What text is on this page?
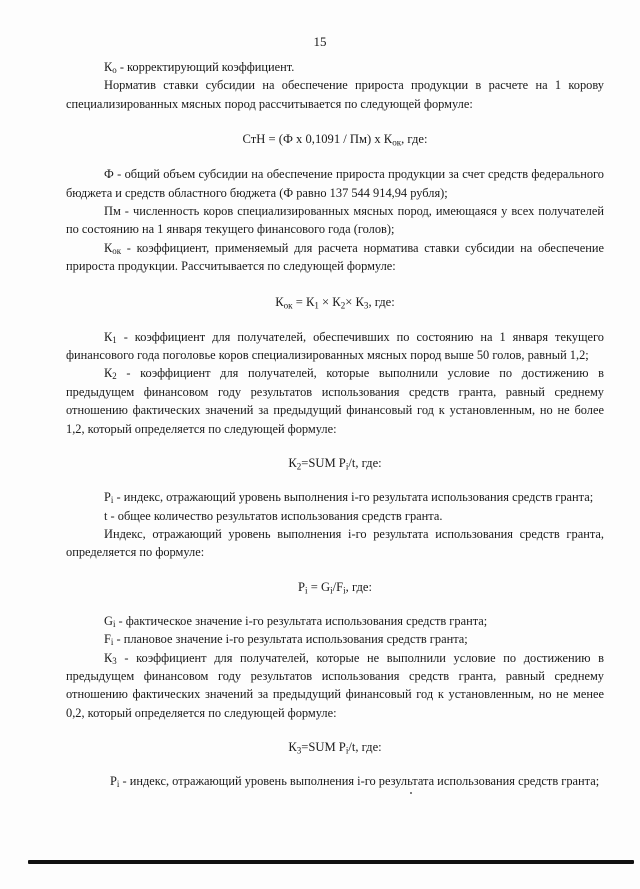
15

$К_о$ - корректирующий коэффициент.

Норматив ставки субсидии на обеспечение прироста продукции в расчете на 1 корову специализированных мясных пород рассчитывается по следующей формуле:

СтН = (Ф х 0,1091 / Пм) х $К_{ок}$, где:

Ф - общий объем субсидии на обеспечение прироста продукции за счет средств федерального бюджета и средств областного бюджета (Ф равно 137 544 914,94 рубля);

Пм - численность коров специализированных мясных пород, имеющаяся у всех получателей по состоянию на 1 января текущего финансового года (голов);

$К_{ок}$ - коэффициент, применяемый для расчета норматива ставки субсидии на обеспечение прироста продукции. Рассчитывается по следующей формуле:

$К_{ок} = К_1 \times К_2\times К_3$, где:

$К_1$ - коэффициент для получателей, обеспечивших по состоянию на 1 января текущего финансового года поголовье коров специализированных мясных пород выше 50 голов, равный 1,2;

$К_2$ - коэффициент для получателей, которые выполнили условие по достижению в предыдущем финансовом году результатов использования средств гранта, равный среднему отношению фактических значений за предыдущий финансовый год к установленным, но не более 1,2, который определяется по следующей формуле:

$К_2=SUM$ $Р_i/t$, где:

$Р_i$ - индекс, отражающий уровень выполнения i-го результата использования средств гранта;

t - общее количество результатов использования средств гранта.

Индекс, отражающий уровень выполнения i-го результата использования средств гранта, определяется по формуле:

$Р_i = G_i/F_i$, где:

$G_i$ - фактическое значение i-го результата использования средств гранта;

$F_i$ - плановое значение i-го результата использования средств гранта;

$К_3$ - коэффициент для получателей, которые не выполнили условие по достижению в предыдущем финансовом году результатов использования средств гранта, равный среднему отношению фактических значений за предыдущий финансовый год к установленным, но не менее 0,2, который определяется по следующей формуле:

$К_3=SUM$ $Р_i/t$, где:

$Р_i$ - индекс, отражающий уровень выполнения i-го результата использования средств гранта;
